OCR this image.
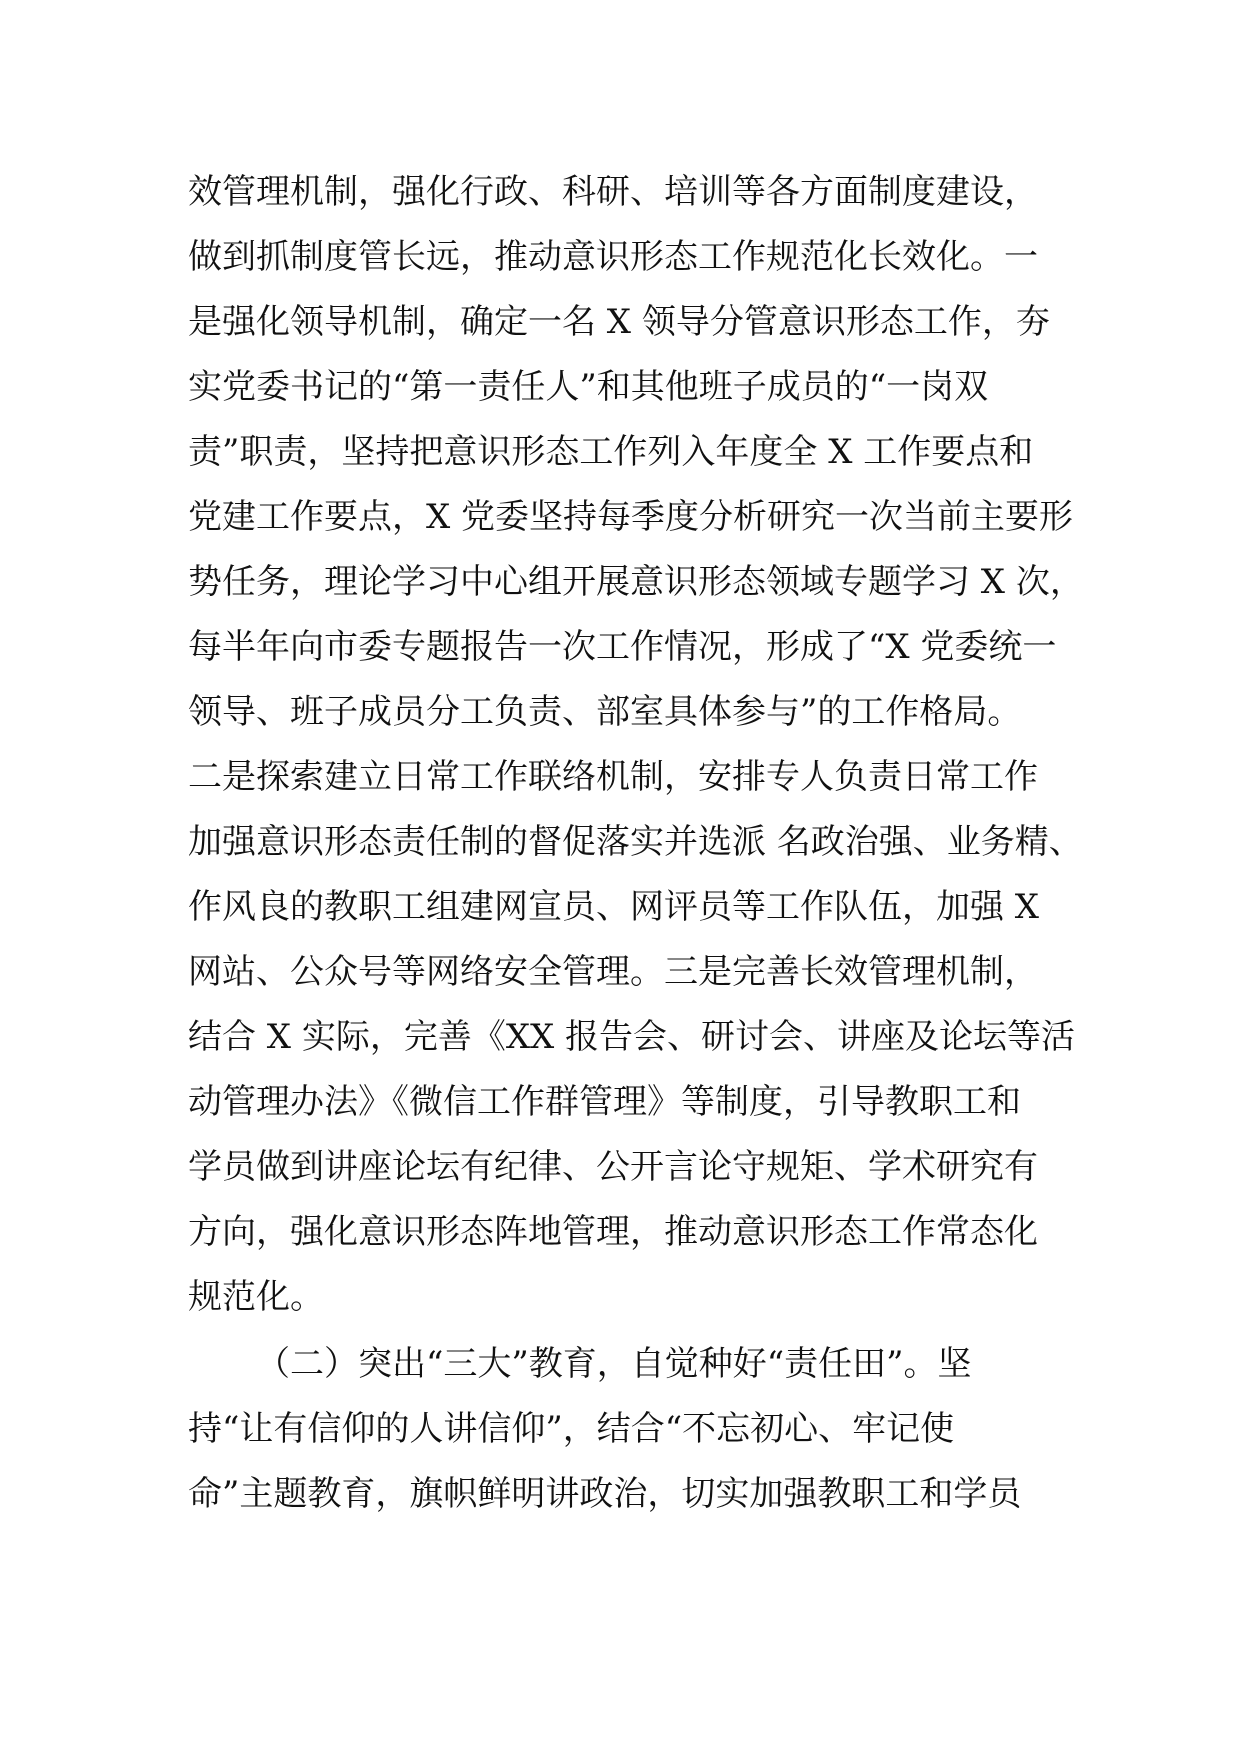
效管理机制，强化行政、科研、培训等各方面制度建设，
做到抓制度管长远，推动意识形态工作规范化长效化。一
是强化领导机制，确定一名 X 领导分管意识形态工作，夯
实党委书记的“第一责任人”和其他班子成员的“一岗双
责”职责，坚持把意识形态工作列入年度全 X 工作要点和
党建工作要点，X 党委坚持每季度分析研究一次当前主要形
势任务，理论学习中心组开展意识形态领域专题学习 X 次，
每半年向市委专题报告一次工作情况，形成了“X 党委统一
领导、班子成员分工负责、部室具体参与”的工作格局。
二是探索建立日常工作联络机制，安排专人负责日常工作
加强意识形态责任制的督促落实并选派 名政治强、业务精、
作风良的教职工组建网宣员、网评员等工作队伍，加强 X
网站、公众号等网络安全管理。三是完善长效管理机制，
结合 X 实际，完善《XX 报告会、研讨会、讲座及论坛等活
动管理办法》《微信工作群管理》等制度，引导教职工和
学员做到讲座论坛有纪律、公开言论守规矩、学术研究有
方向，强化意识形态阵地管理，推动意识形态工作常态化
规范化。
（二）突出“三大”教育，自觉种好“责任田”。坚
持“让有信仰的人讲信仰”，结合“不忘初心、牢记使
命”主题教育，旗帜鲜明讲政治，切实加强教职工和学员
